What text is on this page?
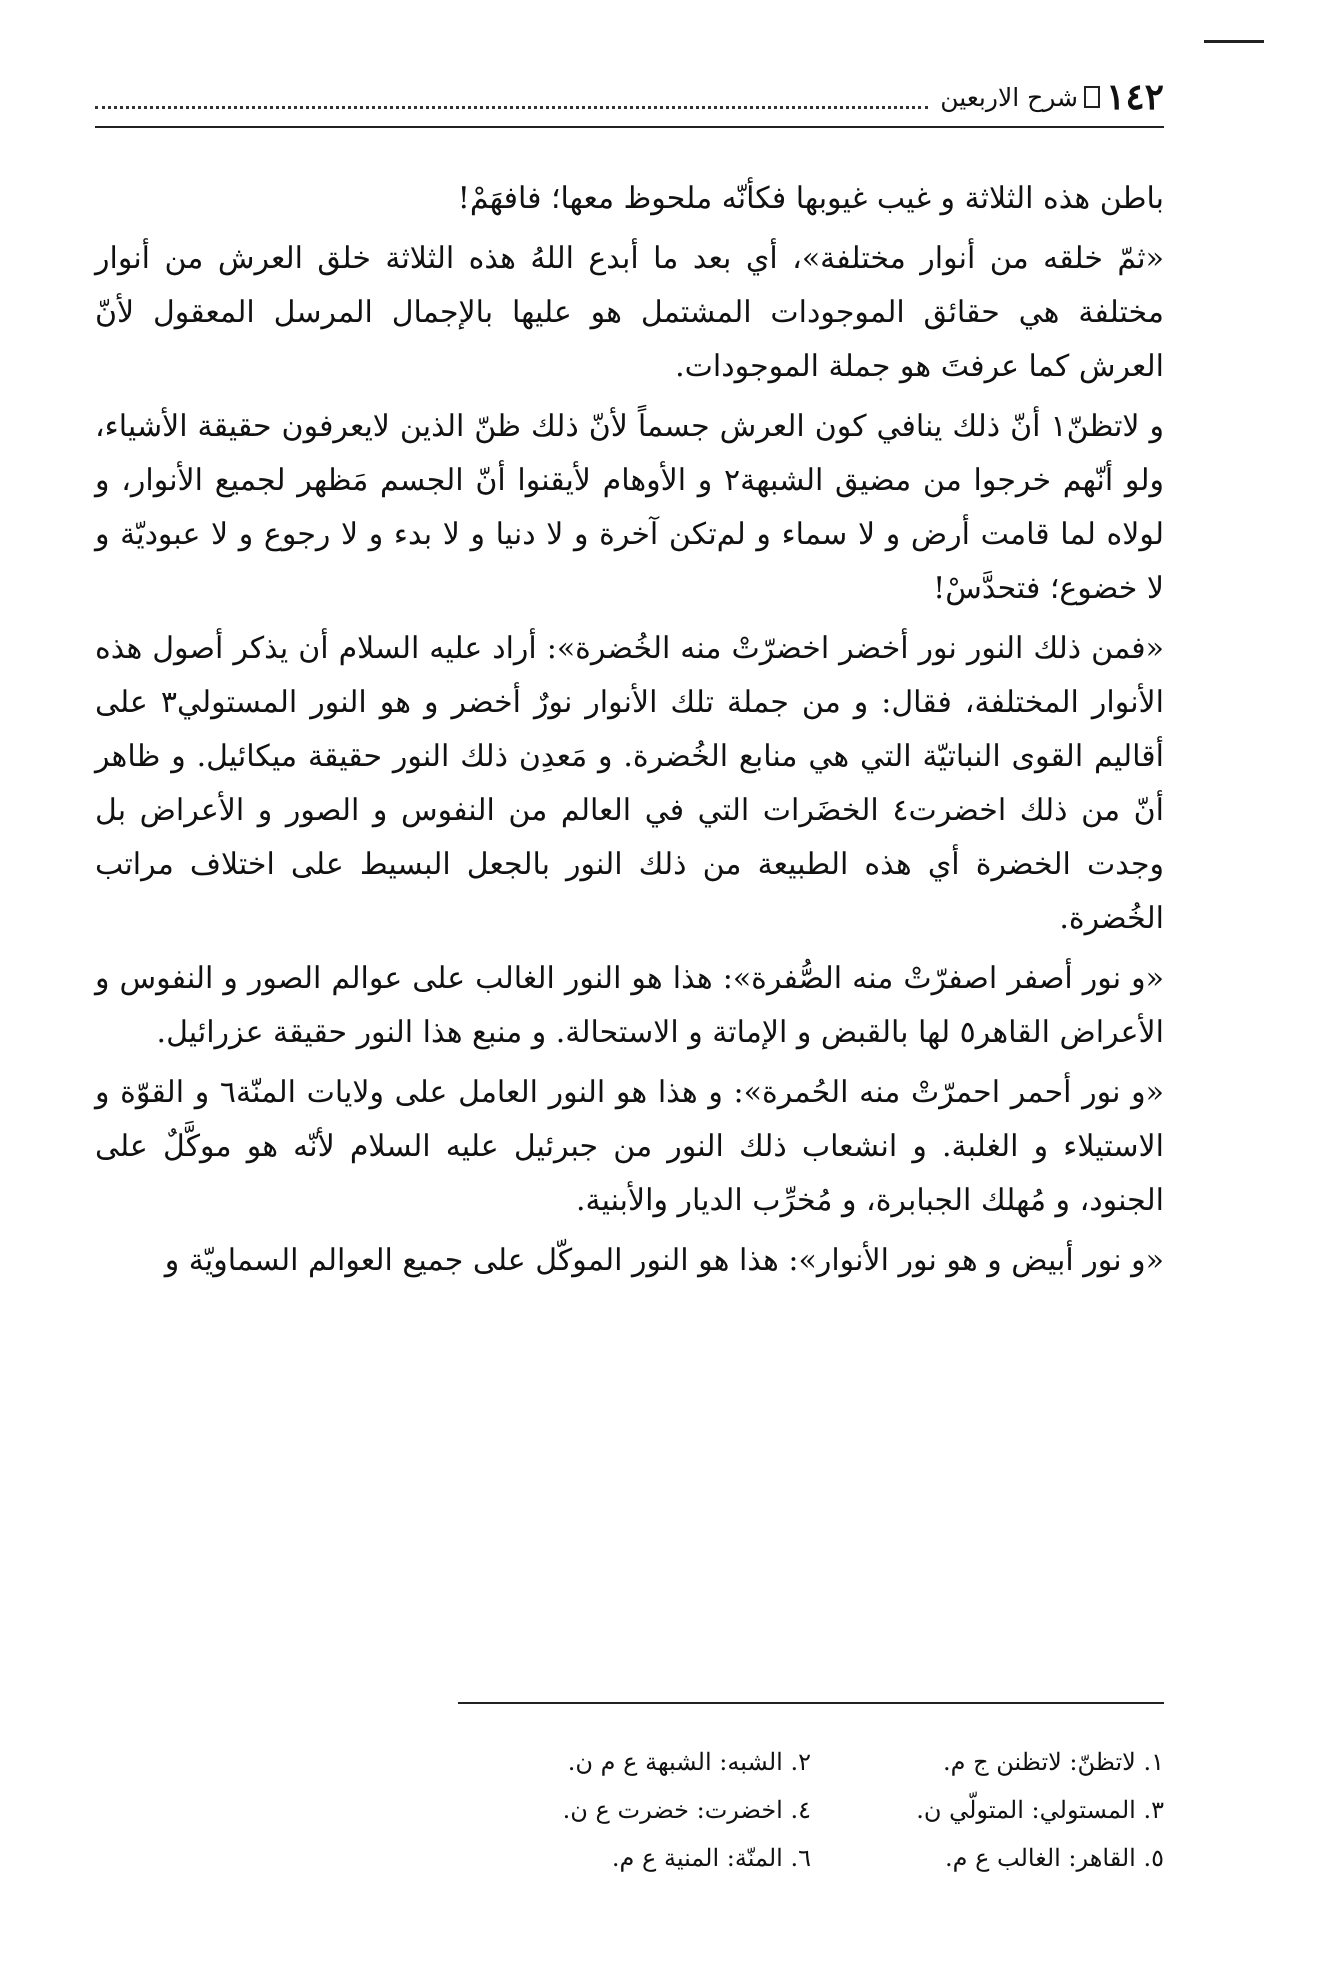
١٤٢
شرح الاربعين

باطن هذه الثلاثة و غيب غيوبها فكأنّه ملحوظ معها؛ فافهَمْ!

«ثمّ خلقه من أنوار مختلفة»، أي بعد ما أبدع اللهُ هذه الثلاثة خلق العرش من أنوار مختلفة هي حقائق الموجودات المشتمل هو عليها بالإجمال المرسل المعقول لأنّ العرش كما عرفتَ هو جملة الموجودات.

و لاتظنّ١ أنّ ذلك ينافي كون العرش جسماً لأنّ ذلك ظنّ الذين لايعرفون حقيقة الأشياء، ولو أنّهم خرجوا من مضيق الشبهة٢ و الأوهام لأيقنوا أنّ الجسم مَظهر لجميع الأنوار، و لولاه لما قامت أرض و لا سماء و لم‌تكن آخرة و لا دنيا و لا بدء و لا رجوع و لا عبوديّة و لا خضوع؛ فتحدَّسْ!

«فمن ذلك النور نور أخضر اخضرّتْ منه الخُضرة»: أراد عليه السلام أن يذكر أصول هذه الأنوار المختلفة، فقال: و من جملة تلك الأنوار نورٌ أخضر و هو النور المستولي٣ على أقاليم القوى النباتيّة التي هي منابع الخُضرة. و مَعدِن ذلك النور حقيقة ميكائيل. و ظاهر أنّ من ذلك اخضرت٤ الخضَرات التي في العالم من النفوس و الصور و الأعراض بل وجدت الخضرة أي هذه الطبيعة من ذلك النور بالجعل البسيط على اختلاف مراتب الخُضرة.

«و نور أصفر اصفرّتْ منه الصُّفرة»: هذا هو النور الغالب على عوالم الصور و النفوس و الأعراض القاهر٥ لها بالقبض و الإماتة و الاستحالة. و منبع هذا النور حقيقة عزرائيل.

«و نور أحمر احمرّتْ منه الحُمرة»: و هذا هو النور العامل على ولايات المنّة٦ و القوّة و الاستيلاء و الغلبة. و انشعاب ذلك النور من جبرئيل عليه السلام لأنّه هو موكَّلٌ على الجنود، و مُهلك الجبابرة، و مُخرِّب الديار والأبنية.

«و نور أبيض و هو نور الأنوار»: هذا هو النور الموكّل على جميع العوالم السماويّة و

١. لاتظنّ: لاتظنن ج م.
٢. الشبه: الشبهة ع م ن.
٣. المستولي: المتولّي ن.
٤. اخضرت: خضرت ع ن.
٥. القاهر: الغالب ع م.
٦. المنّة: المنية ع م.
